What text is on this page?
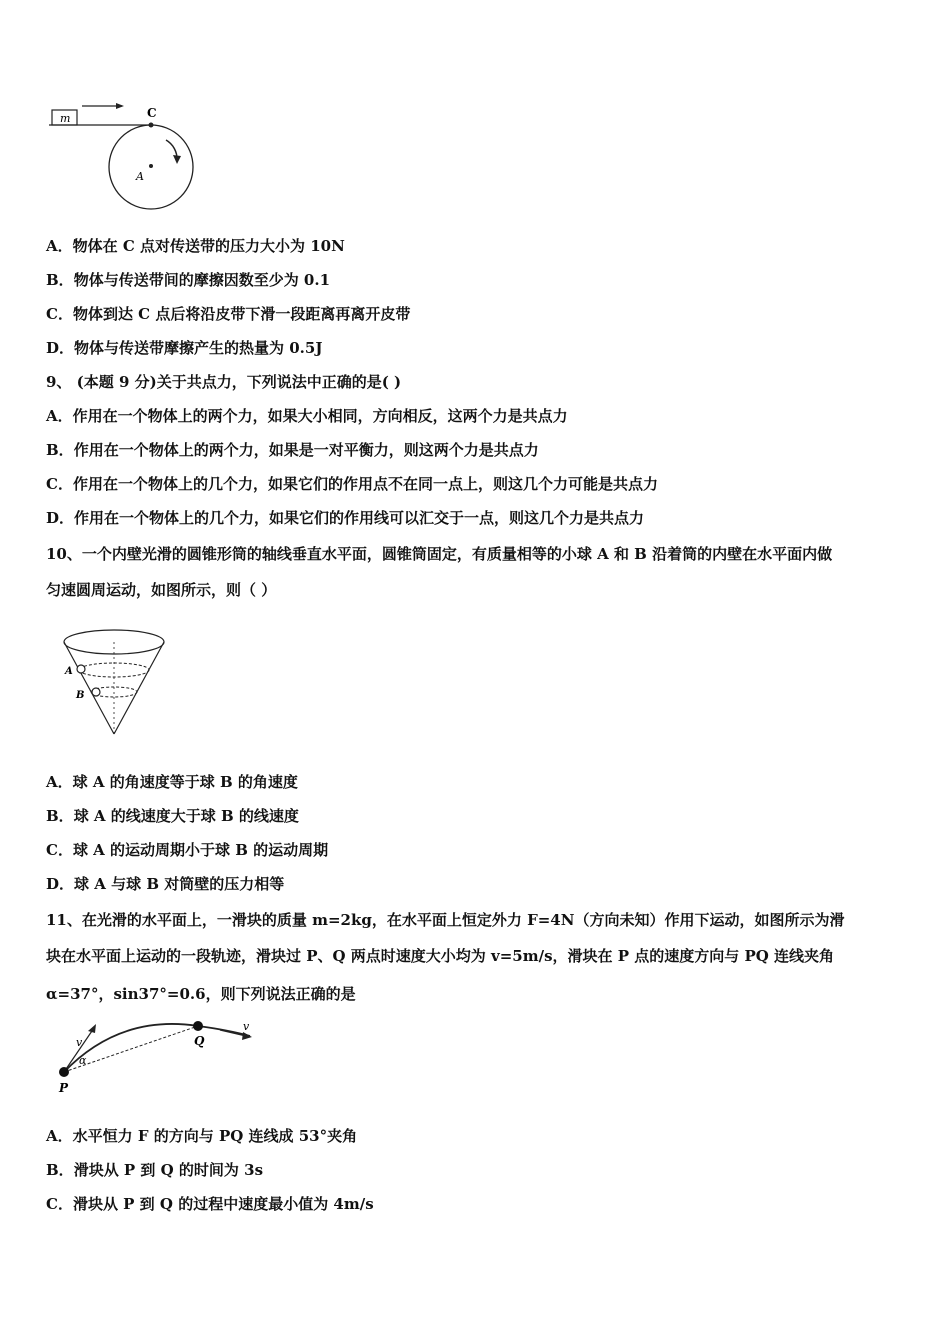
m	C
A
A．物体在 C 点对传送带的压力大小为 10N
B．物体与传送带间的摩擦因数至少为 0.1
C．物体到达 C 点后将沿皮带下滑一段距离再离开皮带
D．物体与传送带摩擦产生的热量为 0.5J
9、 (本题 9 分)关于共点力，下列说法中正确的是( )
A．作用在一个物体上的两个力，如果大小相同，方向相反，这两个力是共点力
B．作用在一个物体上的两个力，如果是一对平衡力，则这两个力是共点力
C．作用在一个物体上的几个力，如果它们的作用点不在同一点上，则这几个力可能是共点力
D．作用在一个物体上的几个力，如果它们的作用线可以汇交于一点，则这几个力是共点力
10、一个内壁光滑的圆锥形筒的轴线垂直水平面，圆锥筒固定，有质量相等的小球 A 和 B 沿着筒的内壁在水平面内做
匀速圆周运动，如图所示，则（ ）
A
B
A．球 A 的角速度等于球 B 的角速度
B．球 A 的线速度大于球 B 的线速度
C．球 A 的运动周期小于球 B 的运动周期
D．球 A 与球 B 对筒壁的压力相等
11、在光滑的水平面上，一滑块的质量 m=2kg，在水平面上恒定外力 F=4N（方向未知）作用下运动，如图所示为滑
块在水平面上运动的一段轨迹，滑块过 P、Q 两点时速度大小均为 v=5m/s，滑块在 P 点的速度方向与 PQ 连线夹角
α=37°，sin37°=0.6，则下列说法正确的是
P
Q
v
v
α
A．水平恒力 F 的方向与 PQ 连线成 53°夹角
B．滑块从 P 到 Q 的时间为 3s
C．滑块从 P 到 Q 的过程中速度最小值为 4m/s
